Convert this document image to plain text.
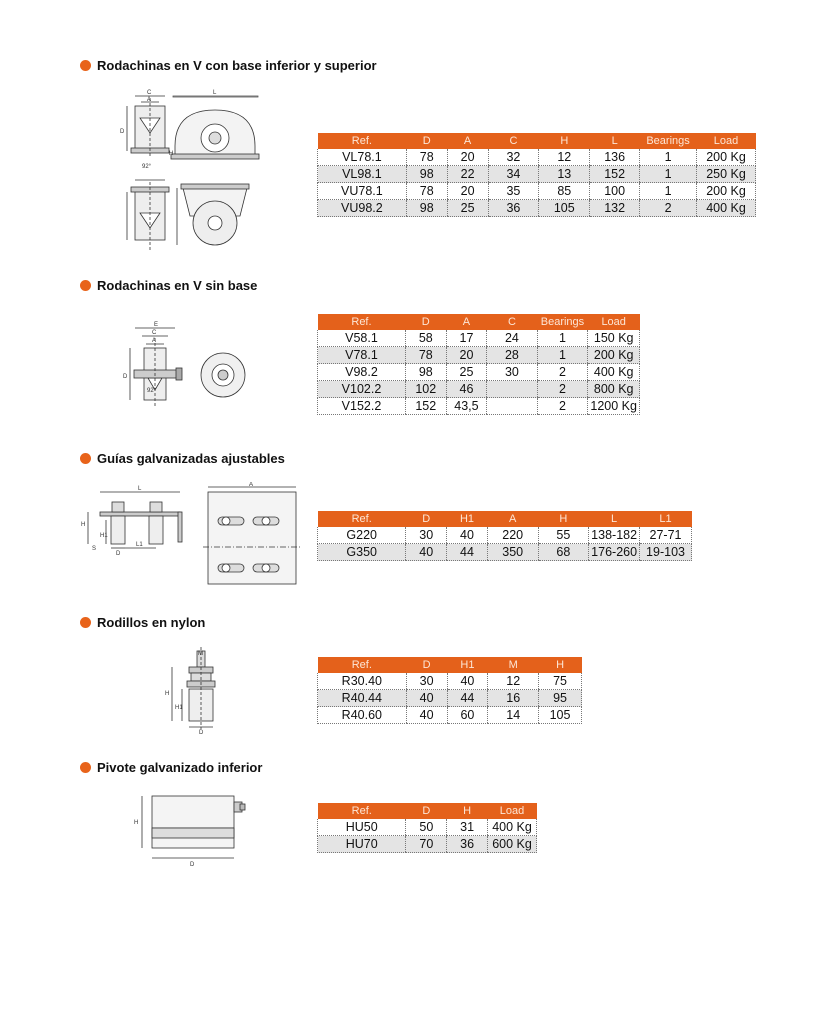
Rodachinas en V con base inferior y superior
C
A
D
H
92°
L
Ref.	D	A	C	H	L	Bearings	Load
VL78.1	78	20	32	12	136	1	200 Kg
VL98.1	98	22	34	13	152	1	250 Kg
VU78.1	78	20	35	85	100	1	200 Kg
VU98.2	98	25	36	105	132	2	400 Kg
Rodachinas en V sin base
E
C
A
D
92°
Ref.	D	A	C	Bearings	Load
V58.1	58	17	24	1	150 Kg
V78.1	78	20	28	1	200 Kg
V98.2	98	25	30	2	400 Kg
V102.2	102	46		2	800 Kg
V152.2	152	43,5		2	1200 Kg
Guías galvanizadas ajustables
L
H
H1
S
D
L1
A
Ref.	D	H1	A	H	L	L1
G220	30	40	220	55	138-182	27-71
G350	40	44	350	68	176-260	19-103
Rodillos en nylon
M
H
H1
D
Ref.	D	H1	M	H
R30.40	30	40	12	75
R40.44	40	44	16	95
R40.60	40	60	14	105
Pivote galvanizado inferior
H
D
Ref.	D	H	Load
HU50	50	31	400 Kg
HU70	70	36	600 Kg
